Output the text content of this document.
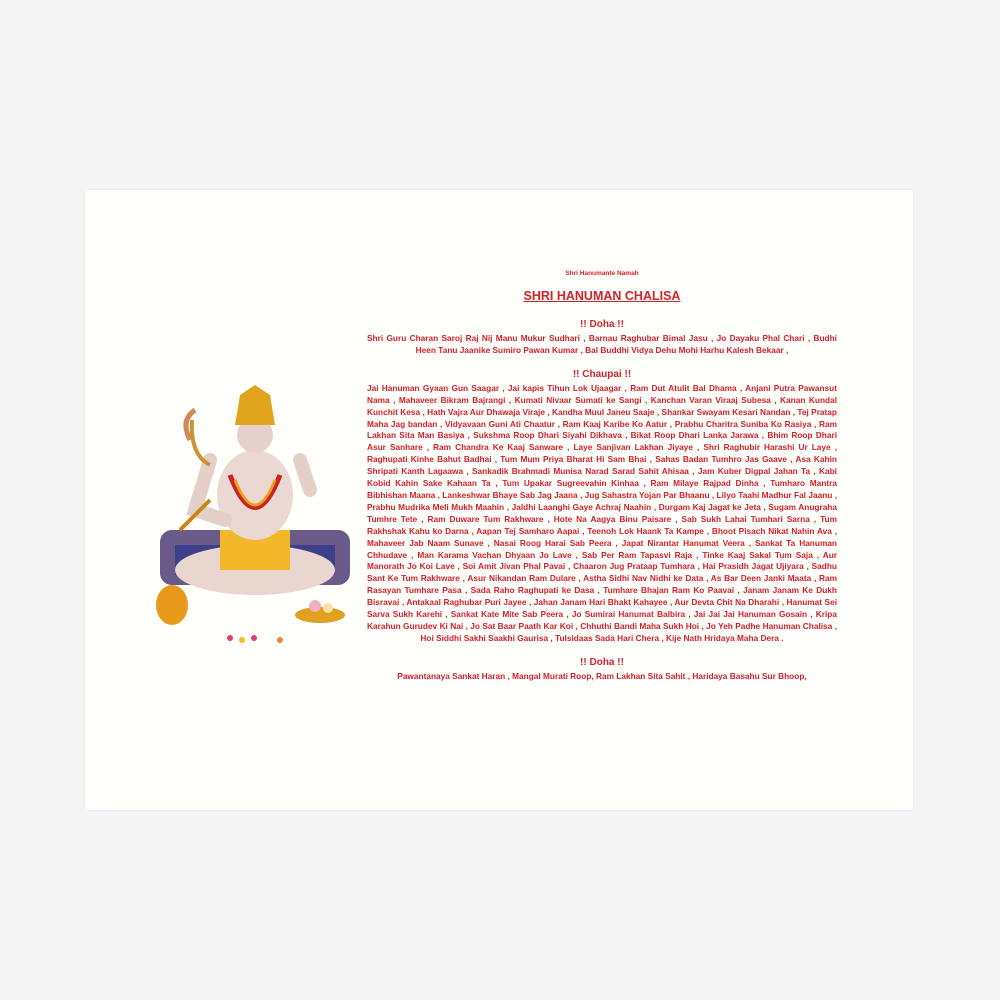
Shri Hanumante Namah
SHRI HANUMAN CHALISA
!! Doha !!
Shri Guru Charan Saroj Raj Nij Manu Mukur Sudhari , Barnau Raghubar Bimal Jasu , Jo Dayaku Phal Chari , Budhi Heen Tanu Jaanike Sumiro Pawan Kumar , Bal Buddhi Vidya Dehu Mohi Harhu Kalesh Bekaar ,
!! Chaupai !!
Jai Hanuman Gyaan Gun Saagar , Jai kapis Tihun Lok Ujaagar , Ram Dut Atulit Bal Dhama , Anjani Putra Pawansut Nama , Mahaveer Bikram Bajrangi , Kumati Nivaar Sumati ke Sangi , Kanchan Varan Viraaj Subesa , Kanan Kundal Kunchit Kesa , Hath Vajra Aur Dhawaja Viraje , Kandha Muul Janeu Saaje , Shankar Swayam Kesari Nandan , Tej Pratap Maha Jag bandan , Vidyavaan Guni Ati Chaatur , Ram Kaaj Karibe Ko Aatur , Prabhu Charitra Suniba Ko Rasiya , Ram Lakhan Sita Man Basiya , Sukshma Roop Dhari Siyahi Dikhava , Bikat Roop Dhari Lanka Jarawa , Bhim Roop Dhari Asur Sanhare , Ram Chandra Ke Kaaj Sanware , Laye Sanjivan Lakhan Jiyaye , Shri Raghubir Harashi Ur Laye , Raghupati Kinhe Bahut Badhai , Tum Mum Priya Bharat Hi Sam Bhai , Sahas Badan Tumhro Jas Gaave , Asa Kahin Shripati Kanth Lagaawa , Sankadik Brahmadi Munisa Narad Sarad Sahit Ahisaa , Jam Kuber Digpal Jahan Ta , Kabi Kobid Kahin Sake Kahaan Ta , Tum Upakar Sugreevahin Kinhaa , Ram Milaye Rajpad Dinha , Tumharo Mantra Bibhishan Maana , Lankeshwar Bhaye Sab Jag Jaana , Jug Sahastra Yojan Par Bhaanu , Lilyo Taahi Madhur Fal Jaanu , Prabhu Mudrika Meli Mukh Maahin , Jaldhi Laanghi Gaye Achraj Naahin , Durgam Kaj Jagat ke Jeta , Sugam Anugraha Tumhre Tete , Ram Duware Tum Rakhware , Hote Na Aagya Binu Paisare , Sab Sukh Lahai Tumhari Sarna , Tum Rakhshak Kahu ko Darna , Aapan Tej Samharo Aapai , Teenoh Lok Haank Ta Kampe , Bhoot Pisach Nikat Nahin Ava , Mahaveer Jab Naam Sunave , Nasai Roog Harai Sab Peera , Japat Nirantar Hanumat Veera , Sankat Ta Hanuman Chhudave , Man Karama Vachan Dhyaan Jo Lave , Sab Per Ram Tapasvi Raja , Tinke Kaaj Sakal Tum Saja , Aur Manorath Jo Koi Lave , Soi Amit Jivan Phal Pavai , Chaaron Jug Prataap Tumhara , Hai Prasidh Jagat Ujiyara , Sadhu Sant Ke Tum Rakhware , Asur Nikandan Ram Dulare , Astha Sidhi Nav Nidhi ke Data , As Bar Deen Janki Maata , Ram Rasayan Tumhare Pasa , Sada Raho Raghupati ke Dasa , Tumhare Bhajan Ram Ko Paavai , Janam Janam Ke Dukh Bisravai , Antakaal Raghubar Puri Jayee , Jahan Janam Hari Bhakt Kahayee , Aur Devta Chit Na Dharahi , Hanumat Sei Sarva Sukh Karehi , Sankat Kate Mite Sab Peera , Jo Sumirai Hanumat Balbira , Jai Jai Jai Hanuman Gosain , Kripa Karahun Gurudev Ki Nai , Jo Sat Baar Paath Kar Koi , Chhuthi Bandi Maha Sukh Hoi , Jo Yeh Padhe Hanuman Chalisa , Hoi Siddhi Sakhi Saakhi Gaurisa , Tulsidaas Sada Hari Chera , Kije Nath Hridaya Maha Dera .
!! Doha !!
Pawantanaya Sankat Haran , Mangal Murati Roop, Ram Lakhan Sita Sahit , Haridaya Basahu Sur Bhoop,
